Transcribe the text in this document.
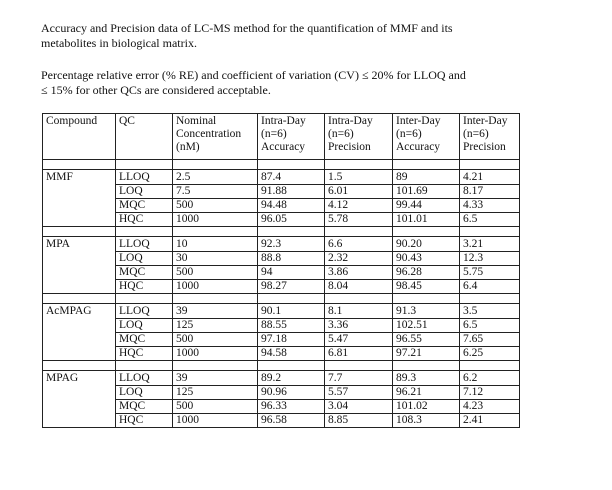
Accuracy and Precision data of LC-MS method for the quantification of MMF and its
metabolites in biological matrix.

Percentage relative error (% RE) and coefficient of variation (CV) ≤ 20% for LLOQ and
≤ 15% for other QCs are considered acceptable.

Compound	QC	Nominal
Concentration
(nM)	Intra-Day
(n=6)
Accuracy	Intra-Day
(n=6)
Precision	Inter-Day
(n=6)
Accuracy	Inter-Day
(n=6)
Precision

MMF	LLOQ	2.5	87.4	1.5	89	4.21
	LOQ	7.5	91.88	6.01	101.69	8.17
	MQC	500	94.48	4.12	99.44	4.33
	HQC	1000	96.05	5.78	101.01	6.5

MPA	LLOQ	10	92.3	6.6	90.20	3.21
	LOQ	30	88.8	2.32	90.43	12.3
	MQC	500	94	3.86	96.28	5.75
	HQC	1000	98.27	8.04	98.45	6.4

AcMPAG	LLOQ	39	90.1	8.1	91.3	3.5
	LOQ	125	88.55	3.36	102.51	6.5
	MQC	500	97.18	5.47	96.55	7.65
	HQC	1000	94.58	6.81	97.21	6.25

MPAG	LLOQ	39	89.2	7.7	89.3	6.2
	LOQ	125	90.96	5.57	96.21	7.12
	MQC	500	96.33	3.04	101.02	4.23
	HQC	1000	96.58	8.85	108.3	2.41
